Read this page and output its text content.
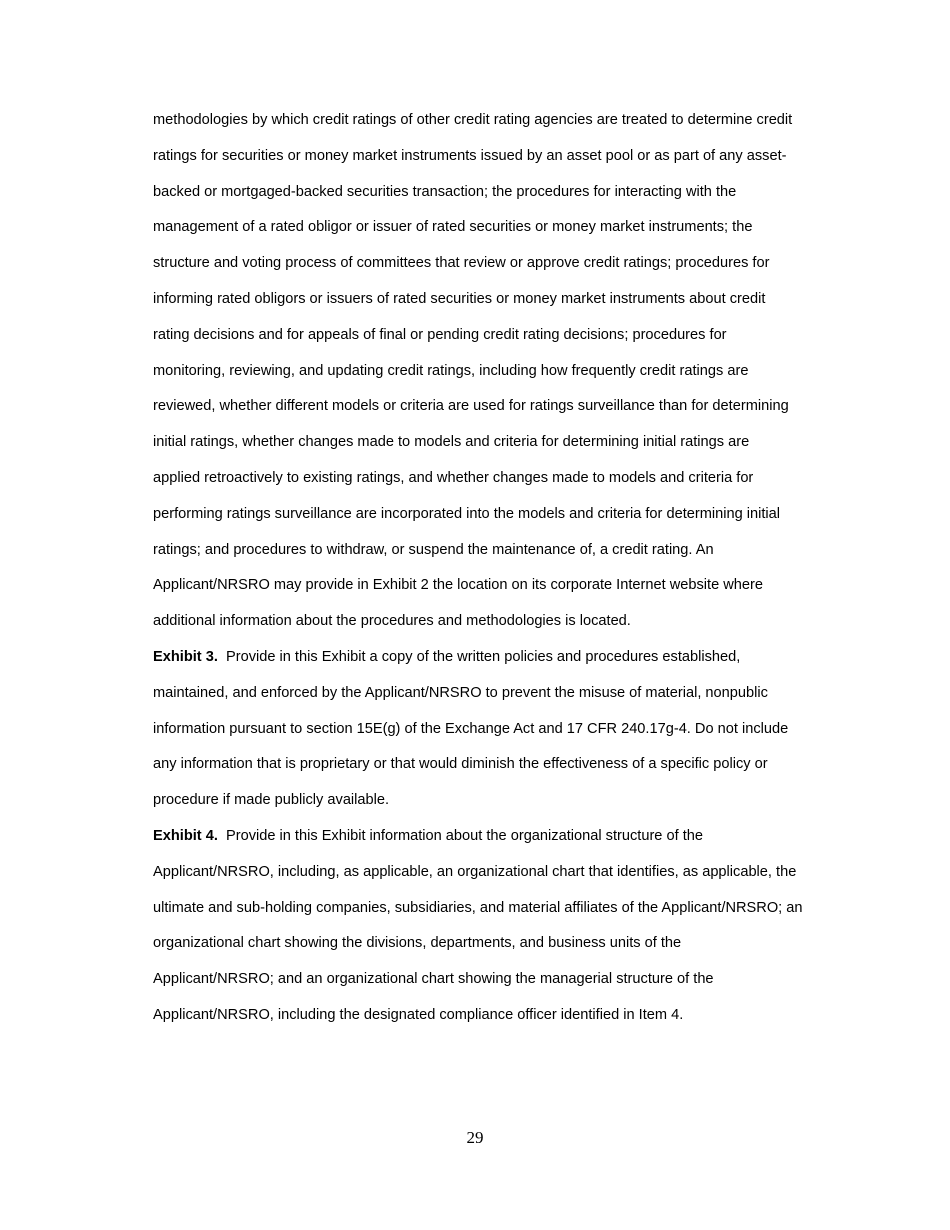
methodologies by which credit ratings of other credit rating agencies are treated to determine credit
ratings for securities or money market instruments issued by an asset pool or as part of any asset-
backed or mortgaged-backed securities transaction; the procedures for interacting with the
management of a rated obligor or issuer of rated securities or money market instruments; the
structure and voting process of committees that review or approve credit ratings; procedures for
informing rated obligors or issuers of rated securities or money market instruments about credit
rating decisions and for appeals of final or pending credit rating decisions; procedures for
monitoring, reviewing, and updating credit ratings, including how frequently credit ratings are
reviewed, whether different models or criteria are used for ratings surveillance than for determining
initial ratings, whether changes made to models and criteria for determining initial ratings are
applied retroactively to existing ratings, and whether changes made to models and criteria for
performing ratings surveillance are incorporated into the models and criteria for determining initial
ratings; and procedures to withdraw, or suspend the maintenance of, a credit rating. An
Applicant/NRSRO may provide in Exhibit 2 the location on its corporate Internet website where
additional information about the procedures and methodologies is located.
Exhibit 3.  Provide in this Exhibit a copy of the written policies and procedures established,
maintained, and enforced by the Applicant/NRSRO to prevent the misuse of material, nonpublic
information pursuant to section 15E(g) of the Exchange Act and 17 CFR 240.17g-4. Do not include
any information that is proprietary or that would diminish the effectiveness of a specific policy or
procedure if made publicly available.
Exhibit 4.  Provide in this Exhibit information about the organizational structure of the
Applicant/NRSRO, including, as applicable, an organizational chart that identifies, as applicable, the
ultimate and sub-holding companies, subsidiaries, and material affiliates of the Applicant/NRSRO; an
organizational chart showing the divisions, departments, and business units of the
Applicant/NRSRO; and an organizational chart showing the managerial structure of the
Applicant/NRSRO, including the designated compliance officer identified in Item 4.
29
